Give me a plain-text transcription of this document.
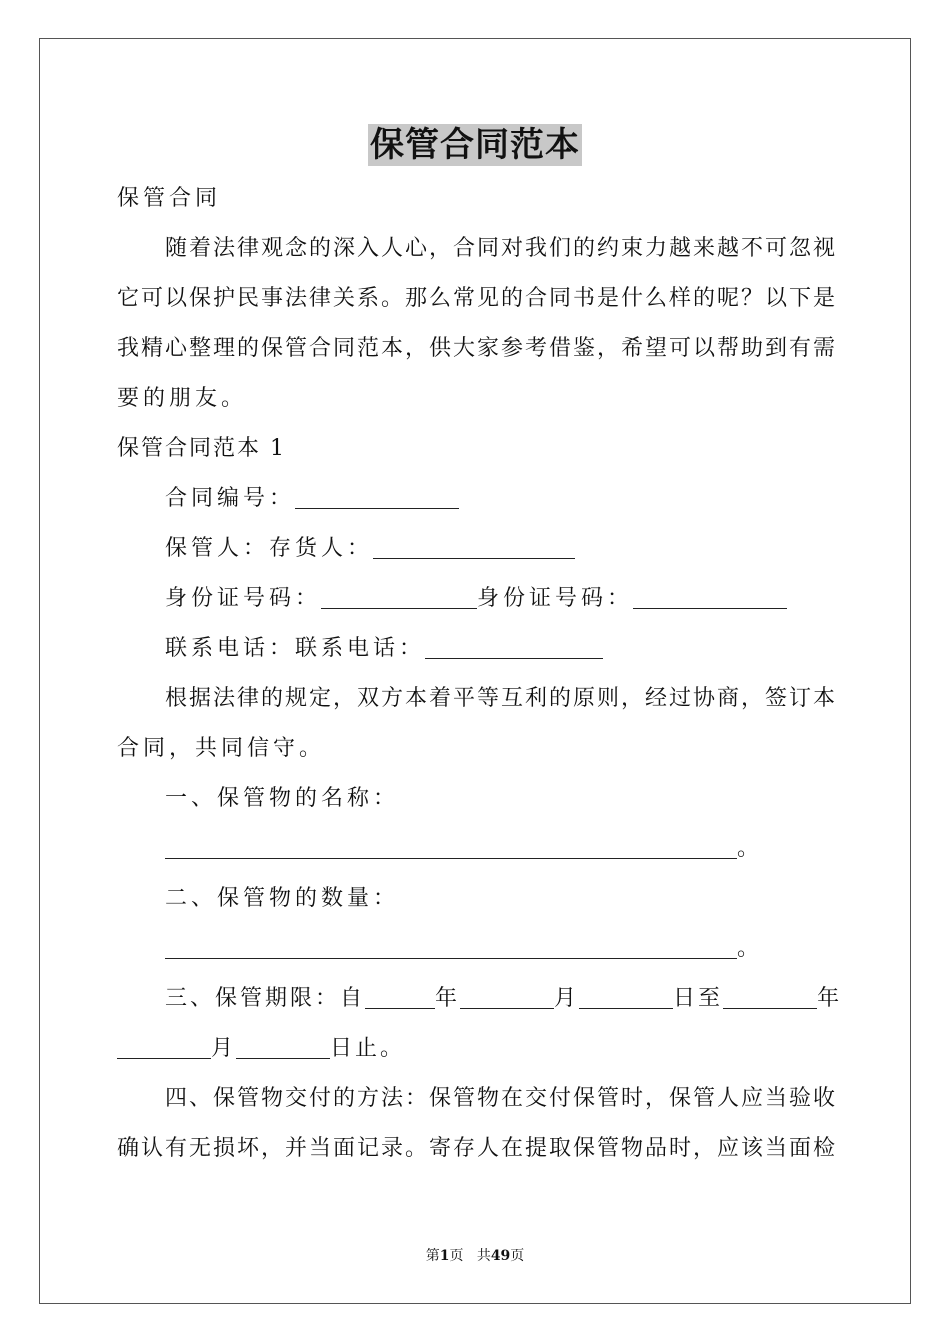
保管合同范本
保管合同
随着法律观念的深入人心，合同对我们的约束力越来越不可忽视
它可以保护民事法律关系。那么常见的合同书是什么样的呢？以下是
我精心整理的保管合同范本，供大家参考借鉴，希望可以帮助到有需
要的朋友。
保管合同范本 1
合同编号：
保管人：存货人：
身份证号码：	身份证号码：
联系电话：联系电话：
根据法律的规定，双方本着平等互利的原则，经过协商，签订本
合同，共同信守。
一、保管物的名称：
。
二、保管物的数量：
。
三、保管期限：自	年	月	日至	年
月	日止。
四、保管物交付的方法：保管物在交付保管时，保管人应当验收
确认有无损坏，并当面记录。寄存人在提取保管物品时，应该当面检
第1页 共49页
